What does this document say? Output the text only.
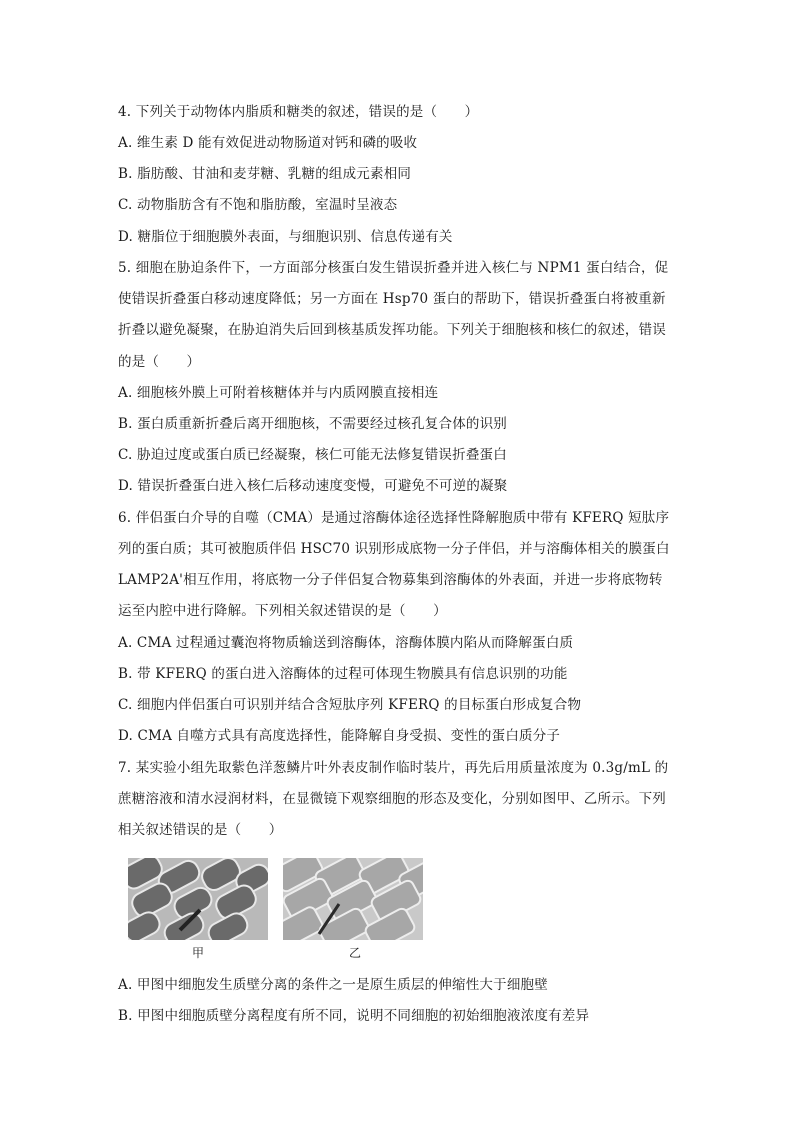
4. 下列关于动物体内脂质和糖类的叙述，错误的是（　　）
A. 维生素 D 能有效促进动物肠道对钙和磷的吸收
B. 脂肪酸、甘油和麦芽糖、乳糖的组成元素相同
C. 动物脂肪含有不饱和脂肪酸，室温时呈液态
D. 糖脂位于细胞膜外表面，与细胞识别、信息传递有关
5. 细胞在胁迫条件下，一方面部分核蛋白发生错误折叠并进入核仁与 NPM1 蛋白结合，促
使错误折叠蛋白移动速度降低；另一方面在 Hsp70 蛋白的帮助下，错误折叠蛋白将被重新
折叠以避免凝聚，在胁迫消失后回到核基质发挥功能。下列关于细胞核和核仁的叙述，错误
的是（　　）
A. 细胞核外膜上可附着核糖体并与内质网膜直接相连
B. 蛋白质重新折叠后离开细胞核，不需要经过核孔复合体的识别
C. 胁迫过度或蛋白质已经凝聚，核仁可能无法修复错误折叠蛋白
D. 错误折叠蛋白进入核仁后移动速度变慢，可避免不可逆的凝聚
6. 伴侣蛋白介导的自噬（CMA）是通过溶酶体途径选择性降解胞质中带有 KFERQ 短肽序
列的蛋白质；其可被胞质伴侣 HSC70 识别形成底物一分子伴侣，并与溶酶体相关的膜蛋白
LAMP2A'相互作用，将底物一分子伴侣复合物募集到溶酶体的外表面，并进一步将底物转
运至内腔中进行降解。下列相关叙述错误的是（　　）
A. CMA 过程通过囊泡将物质输送到溶酶体，溶酶体膜内陷从而降解蛋白质
B. 带 KFERQ 的蛋白进入溶酶体的过程可体现生物膜具有信息识别的功能
C. 细胞内伴侣蛋白可识别并结合含短肽序列 KFERQ 的目标蛋白形成复合物
D. CMA 自噬方式具有高度选择性，能降解自身受损、变性的蛋白质分子
7. 某实验小组先取紫色洋葱鳞片叶外表皮制作临时装片，再先后用质量浓度为 0.3g/mL 的
蔗糖溶液和清水浸润材料，在显微镜下观察细胞的形态及变化，分别如图甲、乙所示。下列
相关叙述错误的是（　　）
甲	乙
A. 甲图中细胞发生质壁分离的条件之一是原生质层的伸缩性大于细胞壁
B. 甲图中细胞质壁分离程度有所不同，说明不同细胞的初始细胞液浓度有差异
